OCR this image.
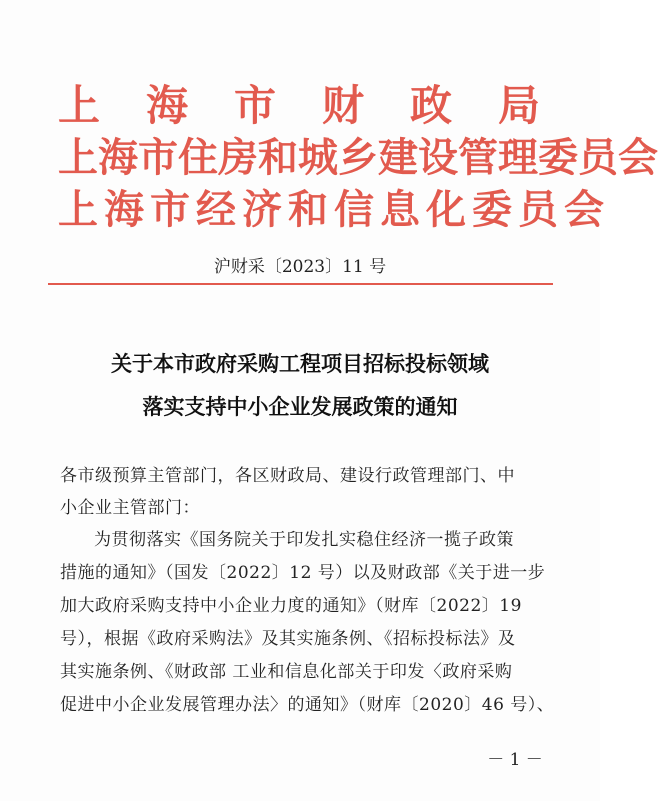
上海市财政局
上海市住房和城乡建设管理委员会
上海市经济和信息化委员会
沪财采〔2023〕11 号
关于本市政府采购工程项目招标投标领域
落实支持中小企业发展政策的通知
各市级预算主管部门，各区财政局、建设行政管理部门、中
小企业主管部门：
为贯彻落实《国务院关于印发扎实稳住经济一揽子政策
措施的通知》（国发〔2022〕12 号）以及财政部《关于进一步
加大政府采购支持中小企业力度的通知》（财库〔2022〕19
号），根据《政府采购法》及其实施条例、《招标投标法》及
其实施条例、《财政部 工业和信息化部关于印发〈政府采购
促进中小企业发展管理办法〉的通知》（财库〔2020〕46 号）、
－ 1 －
